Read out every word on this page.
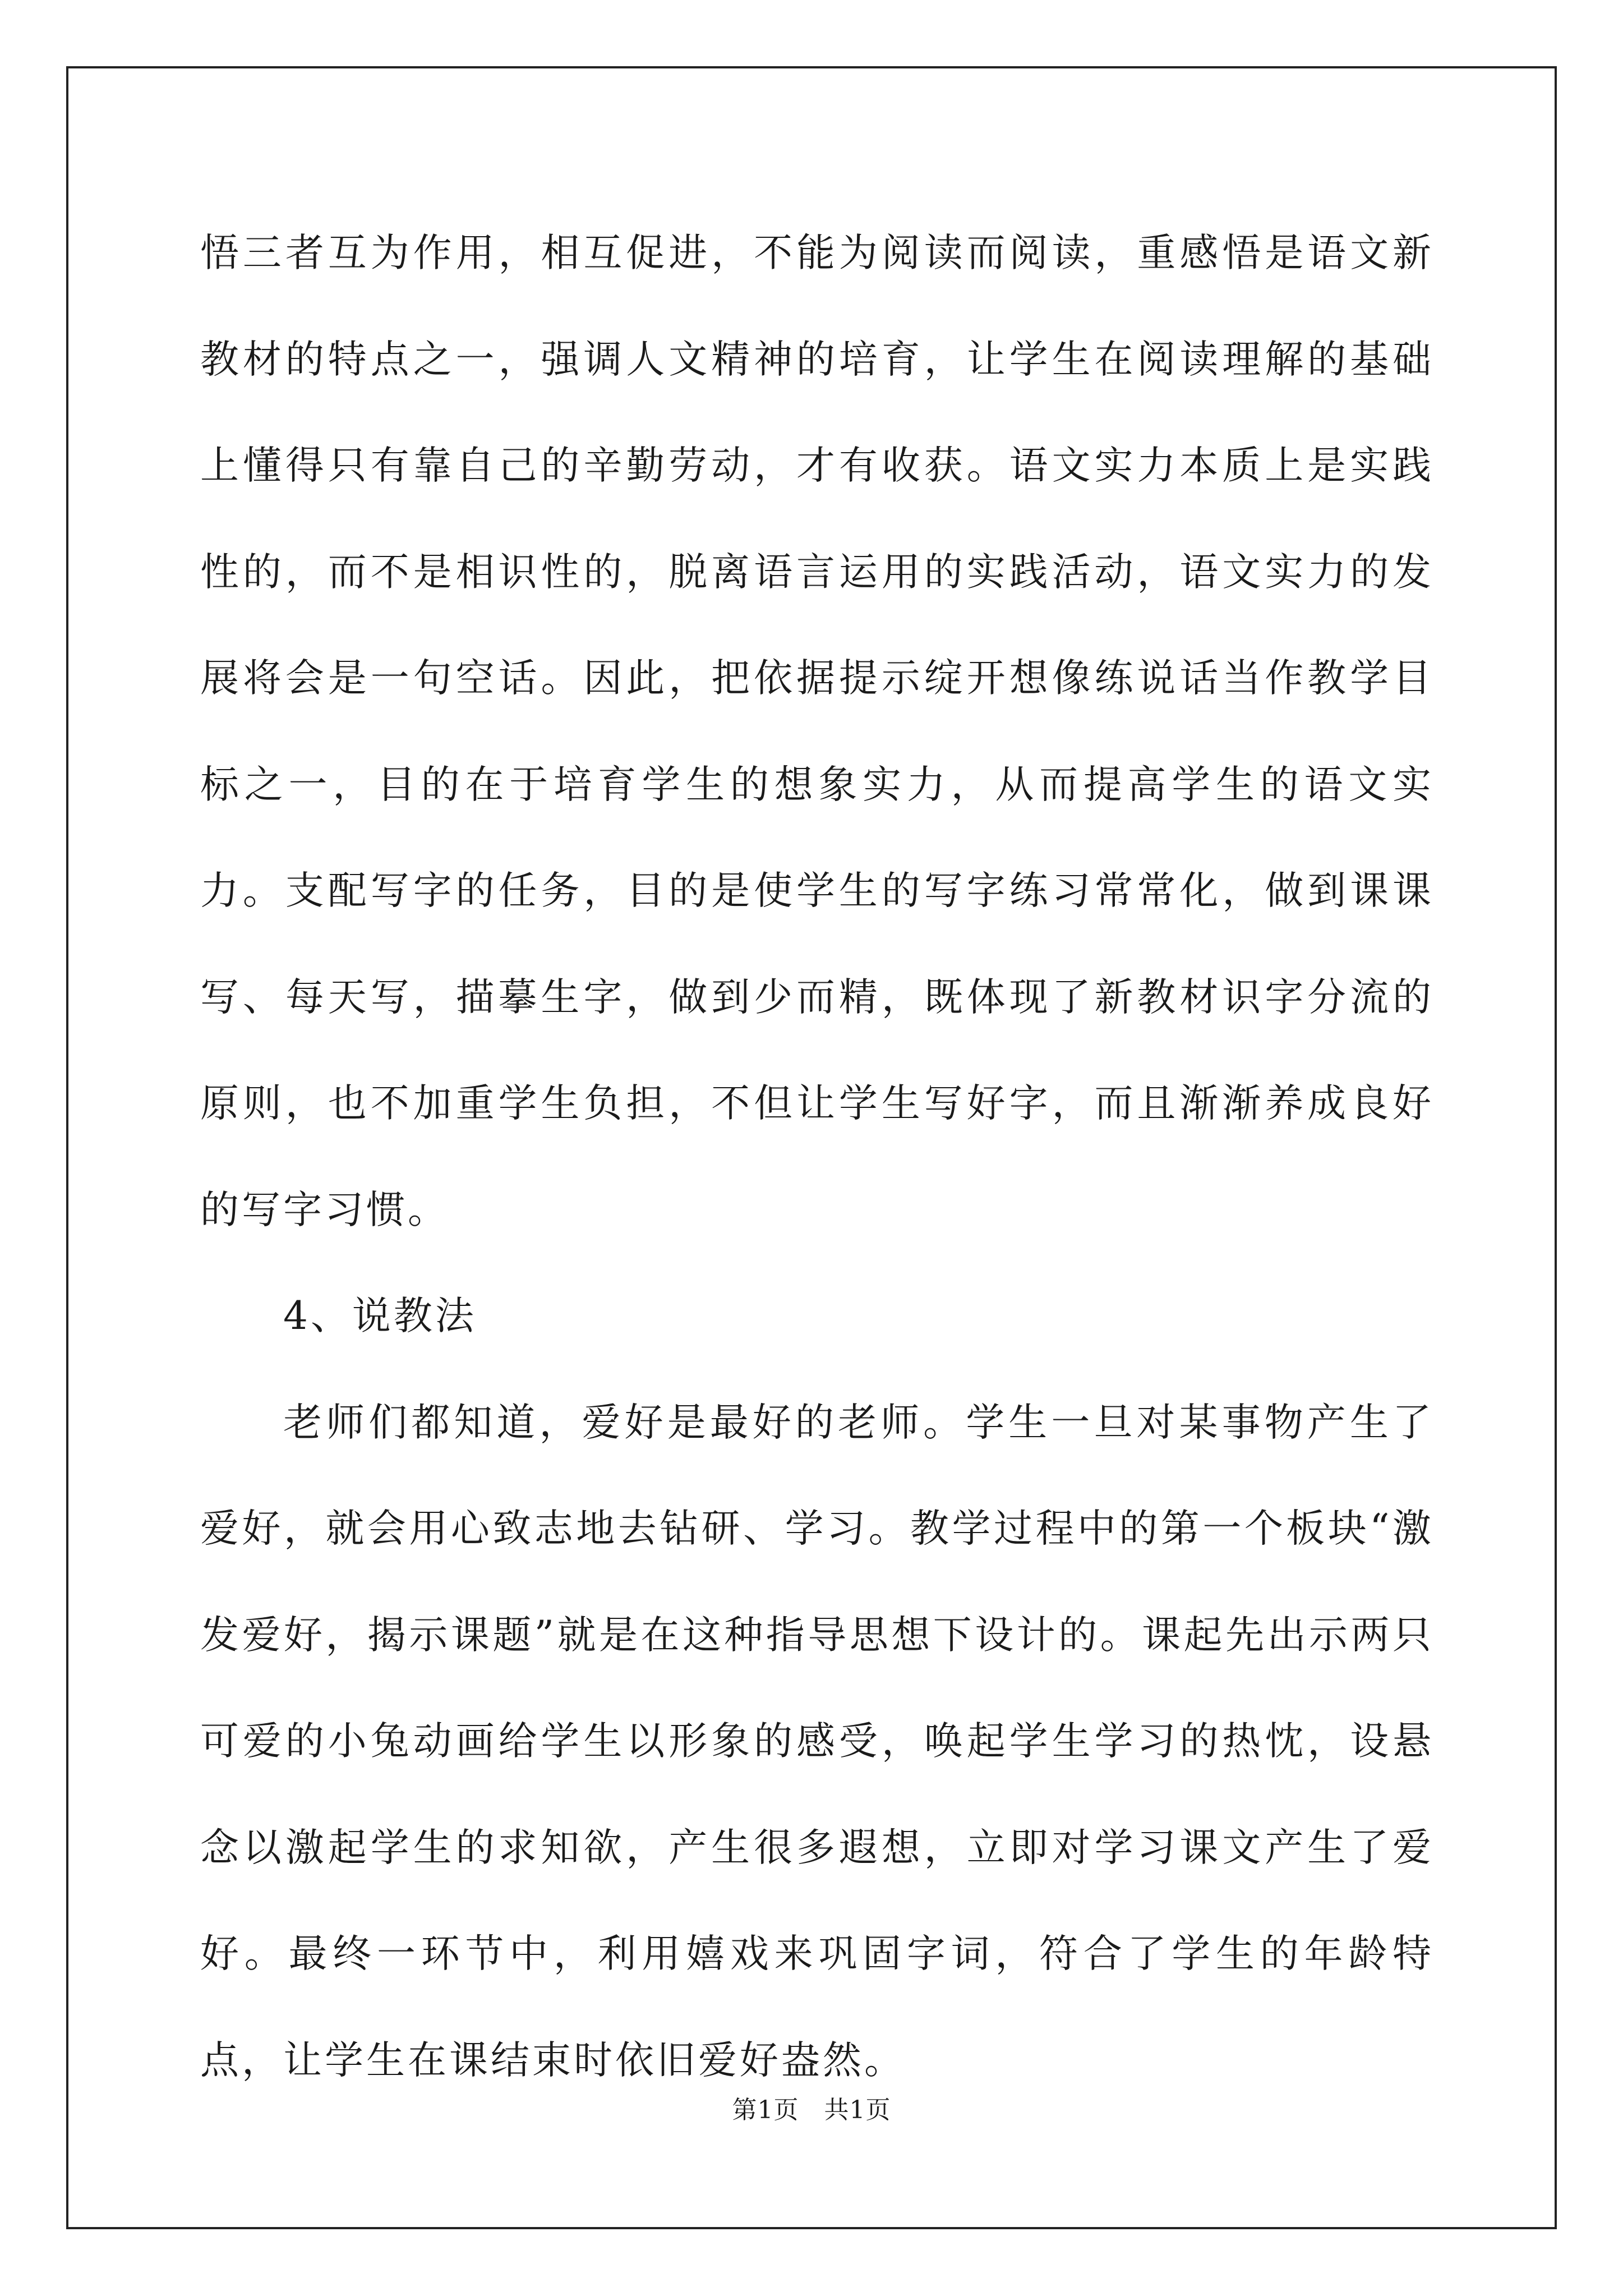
悟三者互为作用，相互促进，不能为阅读而阅读，重感悟是语文新教材的特点之一，强调人文精神的培育，让学生在阅读理解的基础上懂得只有靠自己的辛勤劳动，才有收获。语文实力本质上是实践性的，而不是相识性的，脱离语言运用的实践活动，语文实力的发展将会是一句空话。因此，把依据提示绽开想像练说话当作教学目标之一，目的在于培育学生的想象实力，从而提高学生的语文实力。支配写字的任务，目的是使学生的写字练习常常化，做到课课写、每天写，描摹生字，做到少而精，既体现了新教材识字分流的原则，也不加重学生负担，不但让学生写好字，而且渐渐养成良好的写字习惯。

4、说教法

老师们都知道，爱好是最好的老师。学生一旦对某事物产生了爱好，就会用心致志地去钻研、学习。教学过程中的第一个板块“激发爱好，揭示课题”就是在这种指导思想下设计的。课起先出示两只可爱的小兔动画给学生以形象的感受，唤起学生学习的热忱，设悬念以激起学生的求知欲，产生很多遐想，立即对学习课文产生了爱好。最终一环节中，利用嬉戏来巩固字词，符合了学生的年龄特点，让学生在课结束时依旧爱好盎然。

第1页 共1页
